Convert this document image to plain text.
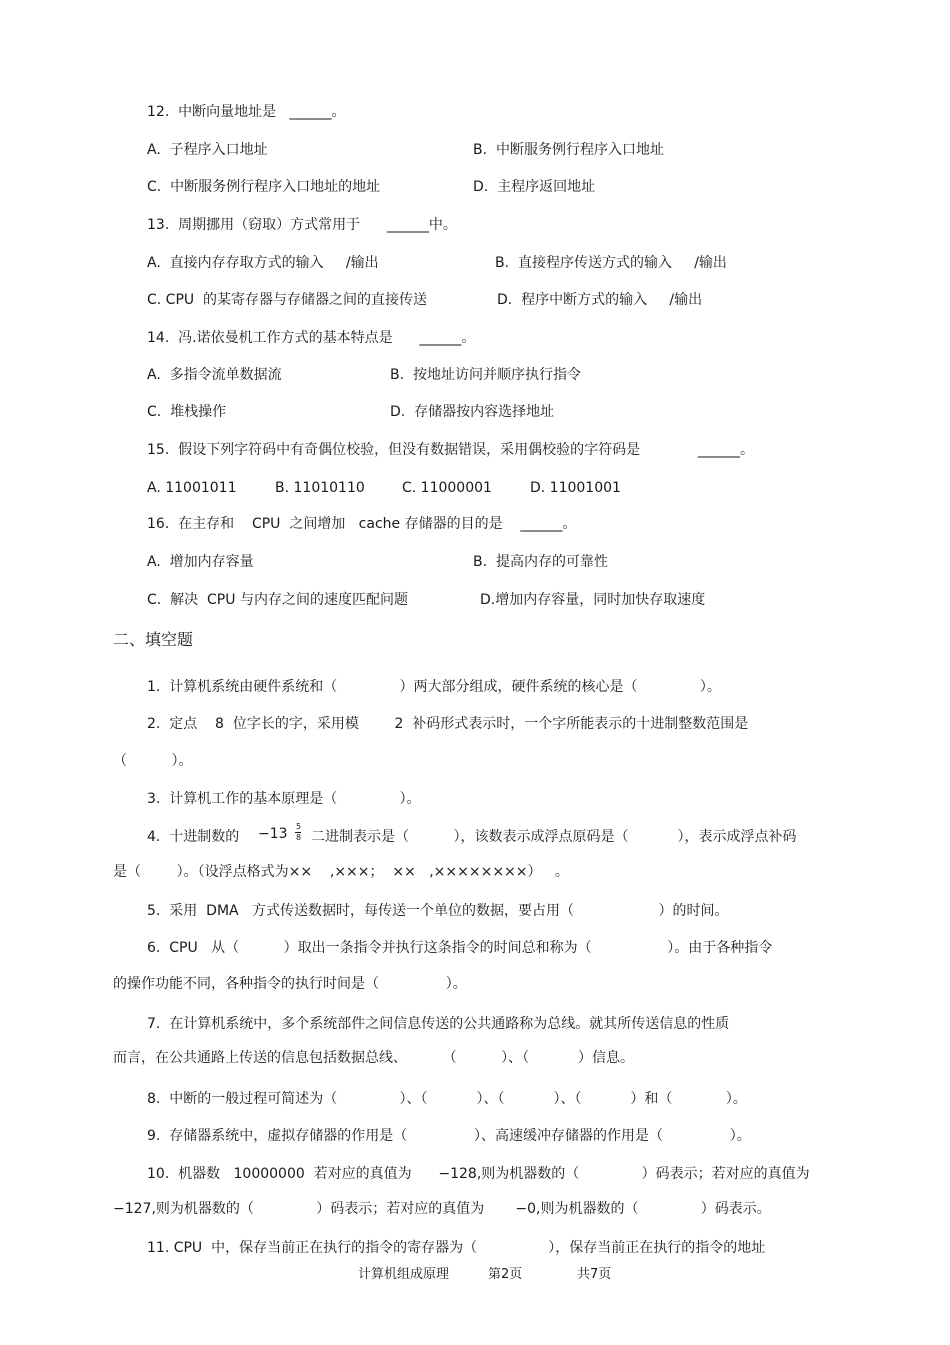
12.  中断向量地址是   ______。
A.  子程序入口地址	B.  中断服务例行程序入口地址
C.  中断服务例行程序入口地址的地址	D.  主程序返回地址
13.  周期挪用（窃取）方式常用于      ______中。
A.  直接内存存取方式的输入     /输出	B.  直接程序传送方式的输入     /输出
C. CPU  的某寄存器与存储器之间的直接传送	D.  程序中断方式的输入     /输出
14.  冯.诺依曼机工作方式的基本特点是      ______。
A.  多指令流单数据流	B.  按地址访问并顺序执行指令
C.  堆栈操作	D.  存储器按内容选择地址
15.  假设下列字符码中有奇偶位校验，但没有数据错误，采用偶校验的字符码是             ______。
A. 11001011	B. 11010110	C. 11000001	D. 11001001
16.  在主存和    CPU  之间增加   cache 存储器的目的是    ______。
A.  增加内存容量	B.  提高内存的可靠性
C.  解决  CPU 与内存之间的速度匹配问题	D.增加内存容量，同时加快存取速度
二、填空题
1.  计算机系统由硬件系统和（              ）两大部分组成，硬件系统的核心是（              ）。
2.  定点    8  位字长的字，采用模        2  补码形式表示时，一个字所能表示的十进制整数范围是
（          ）。
3.  计算机工作的基本原理是（              ）。
4.  十进制数的 −13 5
8 二进制表示是（          ），该数表示成浮点原码是（           ），表示成浮点补码
是（        ）。（设浮点格式为××    ,×××；  ××   ,××××××××）   。
5.  采用  DMA   方式传送数据时，每传送一个单位的数据，要占用（                   ）的时间。
6.  CPU   从（          ）取出一条指令并执行这条指令的时间总和称为（                 ）。由于各种指令
的操作功能不同，各种指令的执行时间是（               ）。
7.  在计算机系统中，多个系统部件之间信息传送的公共通路称为总线。就其所传送信息的性质
而言，在公共通路上传送的信息包括数据总线、        （          ）、（           ）信息。
8.  中断的一般过程可简述为（              ）、（           ）、（           ）、（           ）和（            ）。
9.  存储器系统中，虚拟存储器的作用是（               ）、高速缓冲存储器的作用是（               ）。
10.  机器数   10000000  若对应的真值为      −128,则为机器数的（              ）码表示；若对应的真值为
−127,则为机器数的（              ）码表示；若对应的真值为       −0,则为机器数的（              ）码表示。
11. CPU  中，保存当前正在执行的指令的寄存器为（                ），保存当前正在执行的指令的地址
计算机组成原理	第2页	共7页
